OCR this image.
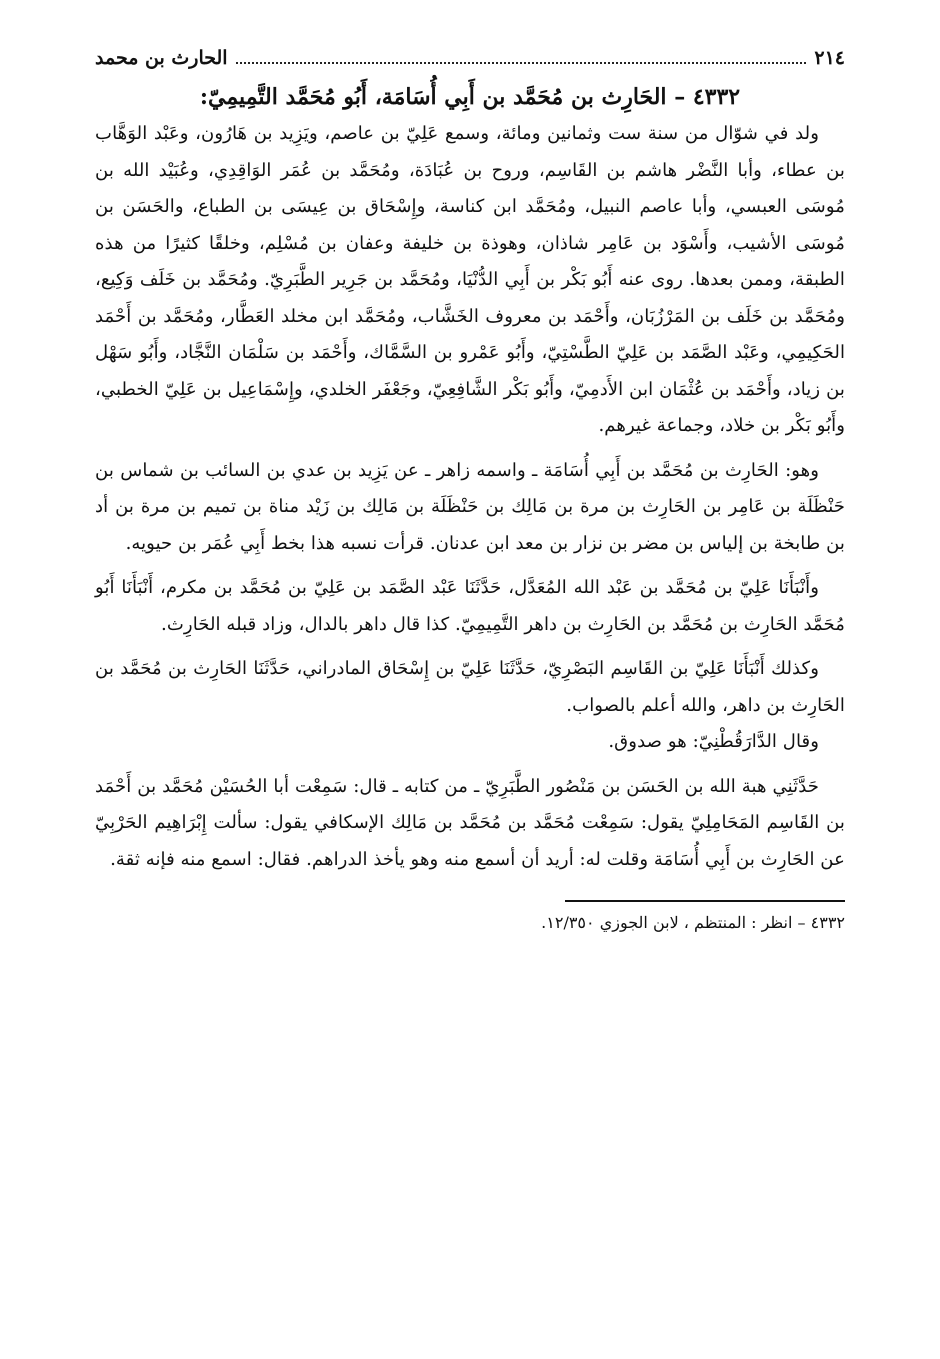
٢١٤
الحارث بن محمد
٤٣٣٢ – الحَارِث بن مُحَمَّد بن أَبِي أُسَامَة، أَبُو مُحَمَّد التَّمِيمِيّ:

ولد في شوّال من سنة ست وثمانين ومائة، وسمع عَلِيّ بن عاصم، ويَزِيد بن هَارُون، وعَبْد الوَهَّاب بن عطاء، وأبا النَّضْر هاشم بن القَاسِم، وروح بن عُبَادَة، ومُحَمَّد بن عُمَر الوَاقِدِي، وعُبَيْد الله بن مُوسَى العبسي، وأبا عاصم النبيل، ومُحَمَّد ابن كناسة، وإِسْحَاق بن عِيسَى بن الطباع، والحَسَن بن مُوسَى الأشيب، وأَسْوَد بن عَامِر شاذان، وهوذة بن خليفة وعفان بن مُسْلِم، وخلقًا كثيرًا من هذه الطبقة، وممن بعدها. روى عنه أَبُو بَكْر بن أَبِي الدُّنْيَا، ومُحَمَّد بن جَرِير الطَّبَرِيّ. ومُحَمَّد بن خَلَف وَكِيع، ومُحَمَّد بن خَلَف بن المَرْزُبَان، وأَحْمَد بن معروف الخَشَّاب، ومُحَمَّد ابن مخلد العَطَّار، ومُحَمَّد بن أَحْمَد الحَكِيمِي، وعَبْد الصَّمَد بن عَلِيّ الطَّسْتِيّ، وأَبُو عَمْرو بن السَّمَّاك، وأَحْمَد بن سَلْمَان النَّجَّاد، وأَبُو سَهْل بن زياد، وأَحْمَد بن عُثْمَان ابن الأَدمِيّ، وأَبُو بَكْر الشَّافِعِيّ، وجَعْفَر الخلدي، وإِسْمَاعِيل بن عَلِيّ الخطبي، وأَبُو بَكْر بن خلاد، وجماعة غيرهم.

وهو: الحَارِث بن مُحَمَّد بن أَبِي أُسَامَة ـ واسمه زاهر ـ عن يَزِيد بن عدي بن السائب بن شماس بن حَنْظَلَة بن عَامِر بن الحَارِث بن مرة بن مَالِك بن حَنْظَلَة بن مَالِك بن زَيْد مناة بن تميم بن مرة بن أد بن طابخة بن إلياس بن مضر بن نزار بن معد ابن عدنان. قرأت نسبه هذا بخط أَبِي عُمَر بن حيويه.

وأَنْبَأَنَا عَلِيّ بن مُحَمَّد بن عَبْد الله المُعَدَّل، حَدَّثَنَا عَبْد الصَّمَد بن عَلِيّ بن مُحَمَّد بن مكرم، أَنْبَأَنَا أَبُو مُحَمَّد الحَارِث بن مُحَمَّد بن الحَارِث بن داهر التَّمِيمِيّ. كذا قال داهر بالدال، وزاد قبله الحَارِث.

وكذلك أَنْبَأَنَا عَلِيّ بن القَاسِم البَصْرِيّ، حَدَّثَنَا عَلِيّ بن إِسْحَاق المادراني، حَدَّثَنَا الحَارِث بن مُحَمَّد بن الحَارِث بن داهر، والله أعلم بالصواب.

وقال الدَّارَقُطْنِيّ: هو صدوق.

حَدَّثَنِي هبة الله بن الحَسَن بن مَنْصُور الطَّبَرِيّ ـ من كتابه ـ قال: سَمِعْت أبا الحُسَيْن مُحَمَّد بن أَحْمَد بن القَاسِم المَحَامِلِيّ يقول: سَمِعْت مُحَمَّد بن مُحَمَّد بن مَالِك الإسكافي يقول: سألت إِبْرَاهِيم الحَرْبِيّ عن الحَارِث بن أَبِي أُسَامَة وقلت له: أريد أن أسمع منه وهو يأخذ الدراهم. فقال: اسمع منه فإنه ثقة.

٤٣٣٢ – انظر : المنتظم ، لابن الجوزي ١٢/٣٥٠.
